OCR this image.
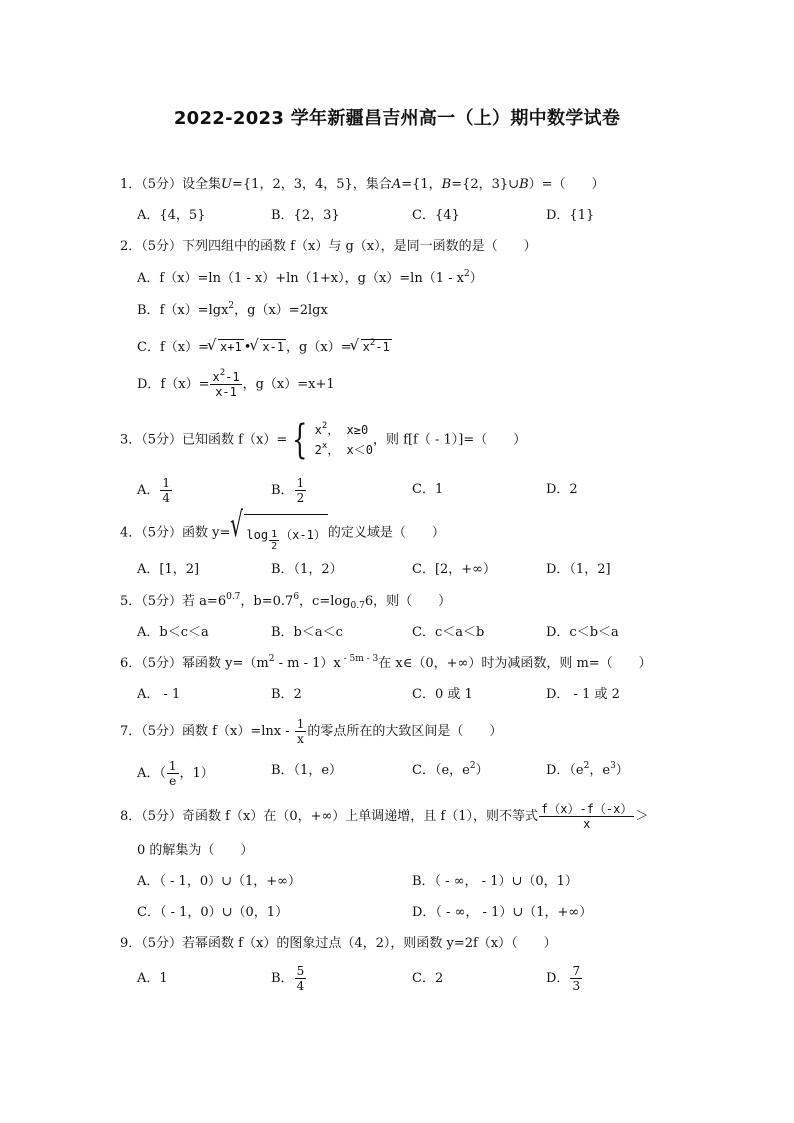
2022-2023 学年新疆昌吉州高一（上）期中数学试卷
1．（5分）设全集U={1，2，3，4，5}，集合A={1，B={2，3}∪B）=（　　）
A．{4，5}	B．{2，3}	C．{4}	D．{1}
2．（5分）下列四组中的函数 f（x）与 g（x），是同一函数的是（　　）
A．f（x）=ln（1 - x）+ln（1+x），$g(x)=\ln(1 - x^2)$
B．f（x）=lgx$^2$，g（x）=2lgx
C．f（x）= √ x+1 • √ x-1 ，g（x）= √ $x^2-1$
D．$f(x)= \frac{x^2-1}{x-1}$ ，g（x）=x+1
3．（5分）已知函数 f（x）= { $x^2$， x≥0
2$^x$， x＜0
，则 f[f（ - 1）]=（　　）
A． $\frac{1}{4}$	B． $\frac{1}{2}$	C．1	D．2
4．（5分）函数 y= √ $\log \frac{1}{2} (x-1)$ 的定义域是（　　）
A．[1，2]	B．（1，2）	C．[2，+∞）	D．（1，2]
5．（5分）若 $a=6^{0.7}$，$b=0.7^6$，$c=\log_{0.7}6$，则（　　）
A．b＜c＜a	B．b＜a＜c	C．c＜a＜b	D．c＜b＜a
6．（5分）幂函数 $y=(m^2 - m - 1)x$ $^{- 5m - 3}$在 x∈（0，+∞）时为减函数，则 m=（　　）
A． - 1	B．2	C．0 或 1	D． - 1 或 2
7．（5分）函数 $f(x)=\ln x - \frac{1}{x}$ 的零点所在的大致区间是（　　）
A．（ $\frac{1}{e}$ ，1）	B．（1，e）	C．（e，$e^2$）	D．（$e^2$，$e^3$）
8．（5分）奇函数 f（x）在（0，+∞）上单调递增，且 f（1），则不等式 $\frac{f(x)-f(-x)}{x}$ ＞
0 的解集为（　　）
A．（ - 1，0）∪（1，+∞）	B．（ - ∞， - 1）∪（0，1）
C．（ - 1，0）∪（0，1）	D．（ - ∞， - 1）∪（1，+∞）
9．（5分）若幂函数 f（x）的图象过点（4，2），则函数 y=2f（x）（　　）
A．1	B． $\frac{5}{4}$	C．2	D． $\frac{7}{3}$
